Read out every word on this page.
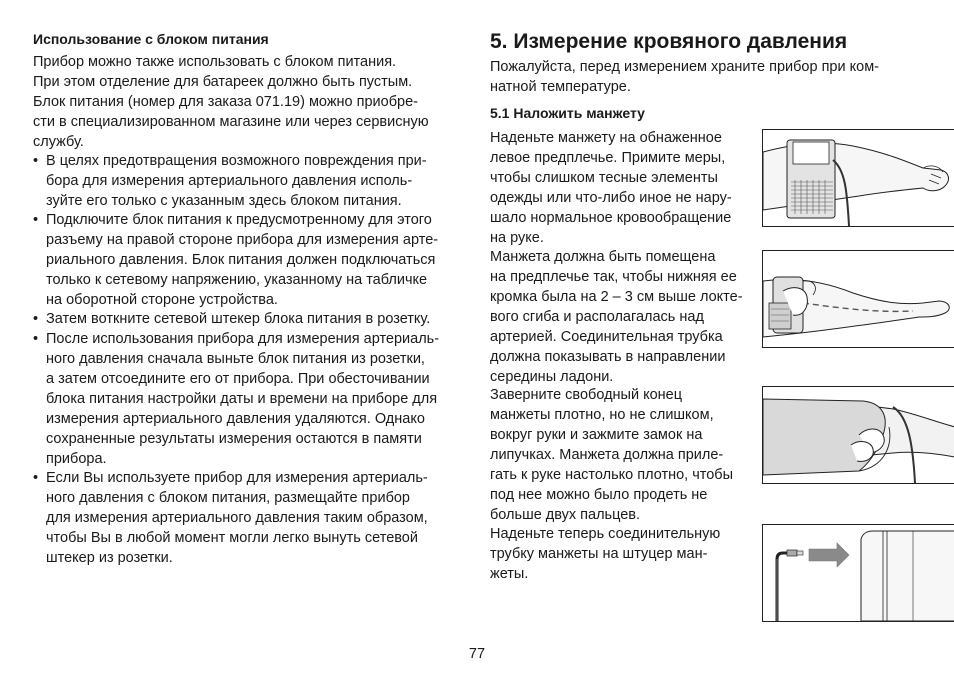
Использование с блоком питания
Прибор можно также использовать с блоком питания.
При этом отделение для батареек должно быть пустым.
Блок питания (номер для заказа 071.19) можно приобре-
сти в специализированном магазине или через сервисную
службу.
• В целях предотвращения возможного повреждения при-
бора для измерения артериального давления исполь-
зуйте его только с указанным здесь блоком питания.
• Подключите блок питания к предусмотренному для этого
разъему на правой стороне прибора для измерения арте-
риального давления. Блок питания должен подключаться
только к сетевому напряжению, указанному на табличке
на оборотной стороне устройства.
• Затем воткните сетевой штекер блока питания в розетку.
• После использования прибора для измерения артериаль-
ного давления сначала выньте блок питания из розетки,
а затем отсоедините его от прибора. При обесточивании
блока питания настройки даты и времени на приборе для
измерения артериального давления удаляются. Однако
сохраненные результаты измерения остаются в памяти
прибора.
• Если Вы используете прибор для измерения артериаль-
ного давления с блоком питания, размещайте прибор
для измерения артериального давления таким образом,
чтобы Вы в любой момент могли легко вынуть сетевой
штекер из розетки.
5. Измерение кровяного давления
Пожалуйста, перед измерением храните прибор при ком-
натной температуре.
5.1 Наложить манжету
Наденьте манжету на обнаженное
левое предплечье. Примите меры,
чтобы слишком тесные элементы
одежды или что-либо иное не нару-
шало нормальное кровообращение
на руке.
Манжета должна быть помещена
на предплечье так, чтобы нижняя ее
кромка была на 2 – 3 см выше локте-
вого сгиба и располагалась над
артерией. Соединительная трубка
должна показывать в направлении
середины ладони.
Заверните свободный конец
манжеты плотно, но не слишком,
вокруг руки и зажмите замок на
липучках. Манжета должна приле-
гать к руке настолько плотно, чтобы
под нее можно было продеть не
больше двух пальцев.
Наденьте теперь соединительную
трубку манжеты на штуцер ман-
жеты.
77
